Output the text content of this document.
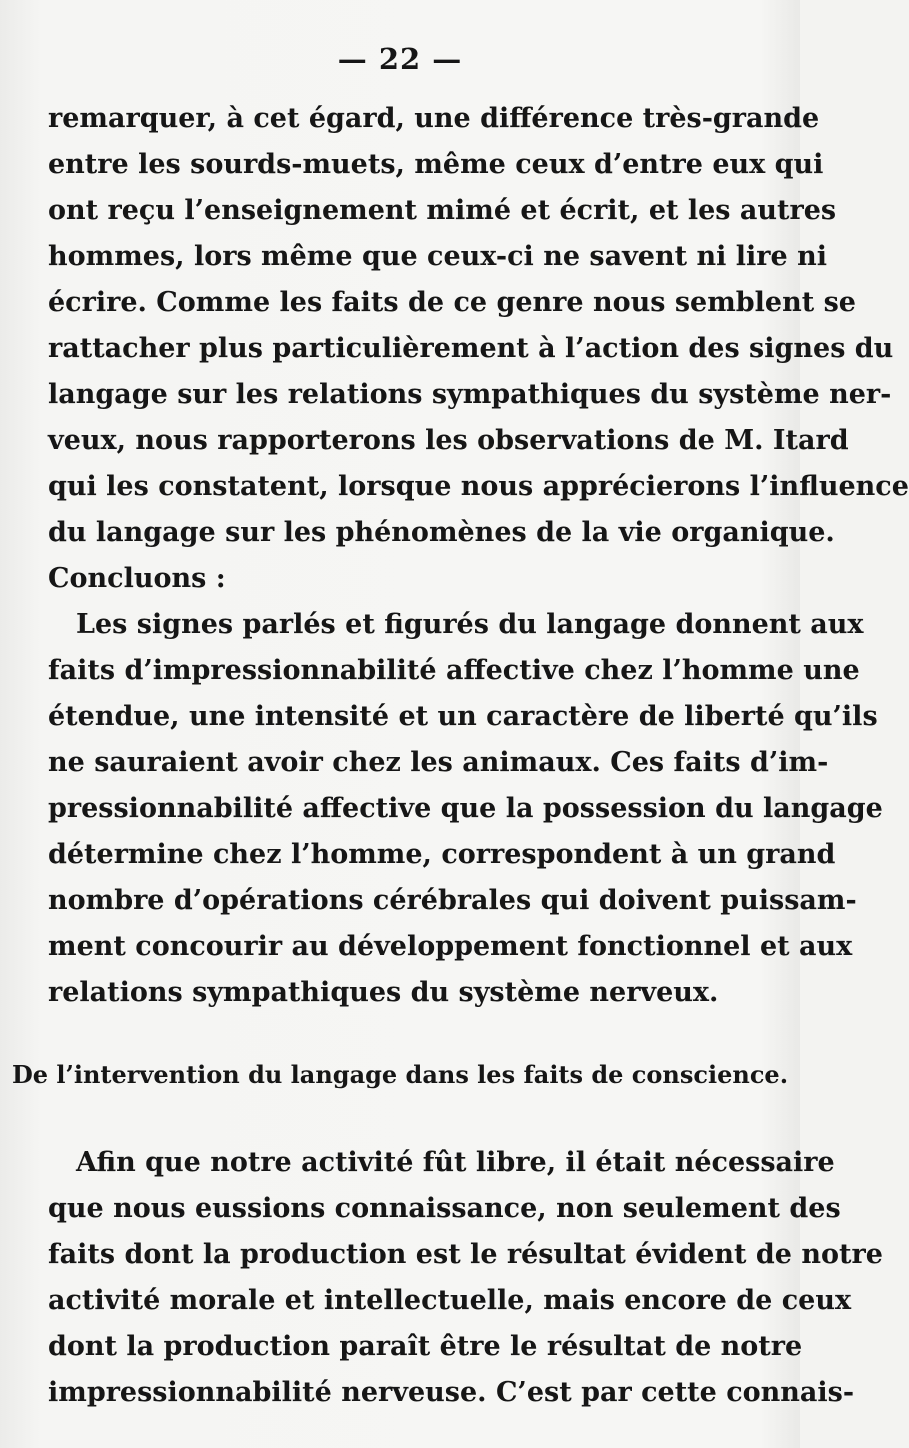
— 22 —
remarquer, à cet égard, une différence très-grande
entre les sourds-muets, même ceux d’entre eux qui
ont reçu l’enseignement mimé et écrit, et les autres
hommes, lors même que ceux-ci ne savent ni lire ni
écrire. Comme les faits de ce genre nous semblent se
rattacher plus particulièrement à l’action des signes du
langage sur les relations sympathiques du système ner-
veux, nous rapporterons les observations de M. Itard
qui les constatent, lorsque nous apprécierons l’influence
du langage sur les phénomènes de la vie organique.
Concluons :
Les signes parlés et figurés du langage donnent aux
faits d’impressionnabilité affective chez l’homme une
étendue, une intensité et un caractère de liberté qu’ils
ne sauraient avoir chez les animaux. Ces faits d’im-
pressionnabilité affective que la possession du langage
détermine chez l’homme, correspondent à un grand
nombre d’opérations cérébrales qui doivent puissam-
ment concourir au développement fonctionnel et aux
relations sympathiques du système nerveux.
De l’intervention du langage dans les faits de conscience.
Afin que notre activité fût libre, il était nécessaire
que nous eussions connaissance, non seulement des
faits dont la production est le résultat évident de notre
activité morale et intellectuelle, mais encore de ceux
dont la production paraît être le résultat de notre
impressionnabilité nerveuse. C’est par cette connais-
